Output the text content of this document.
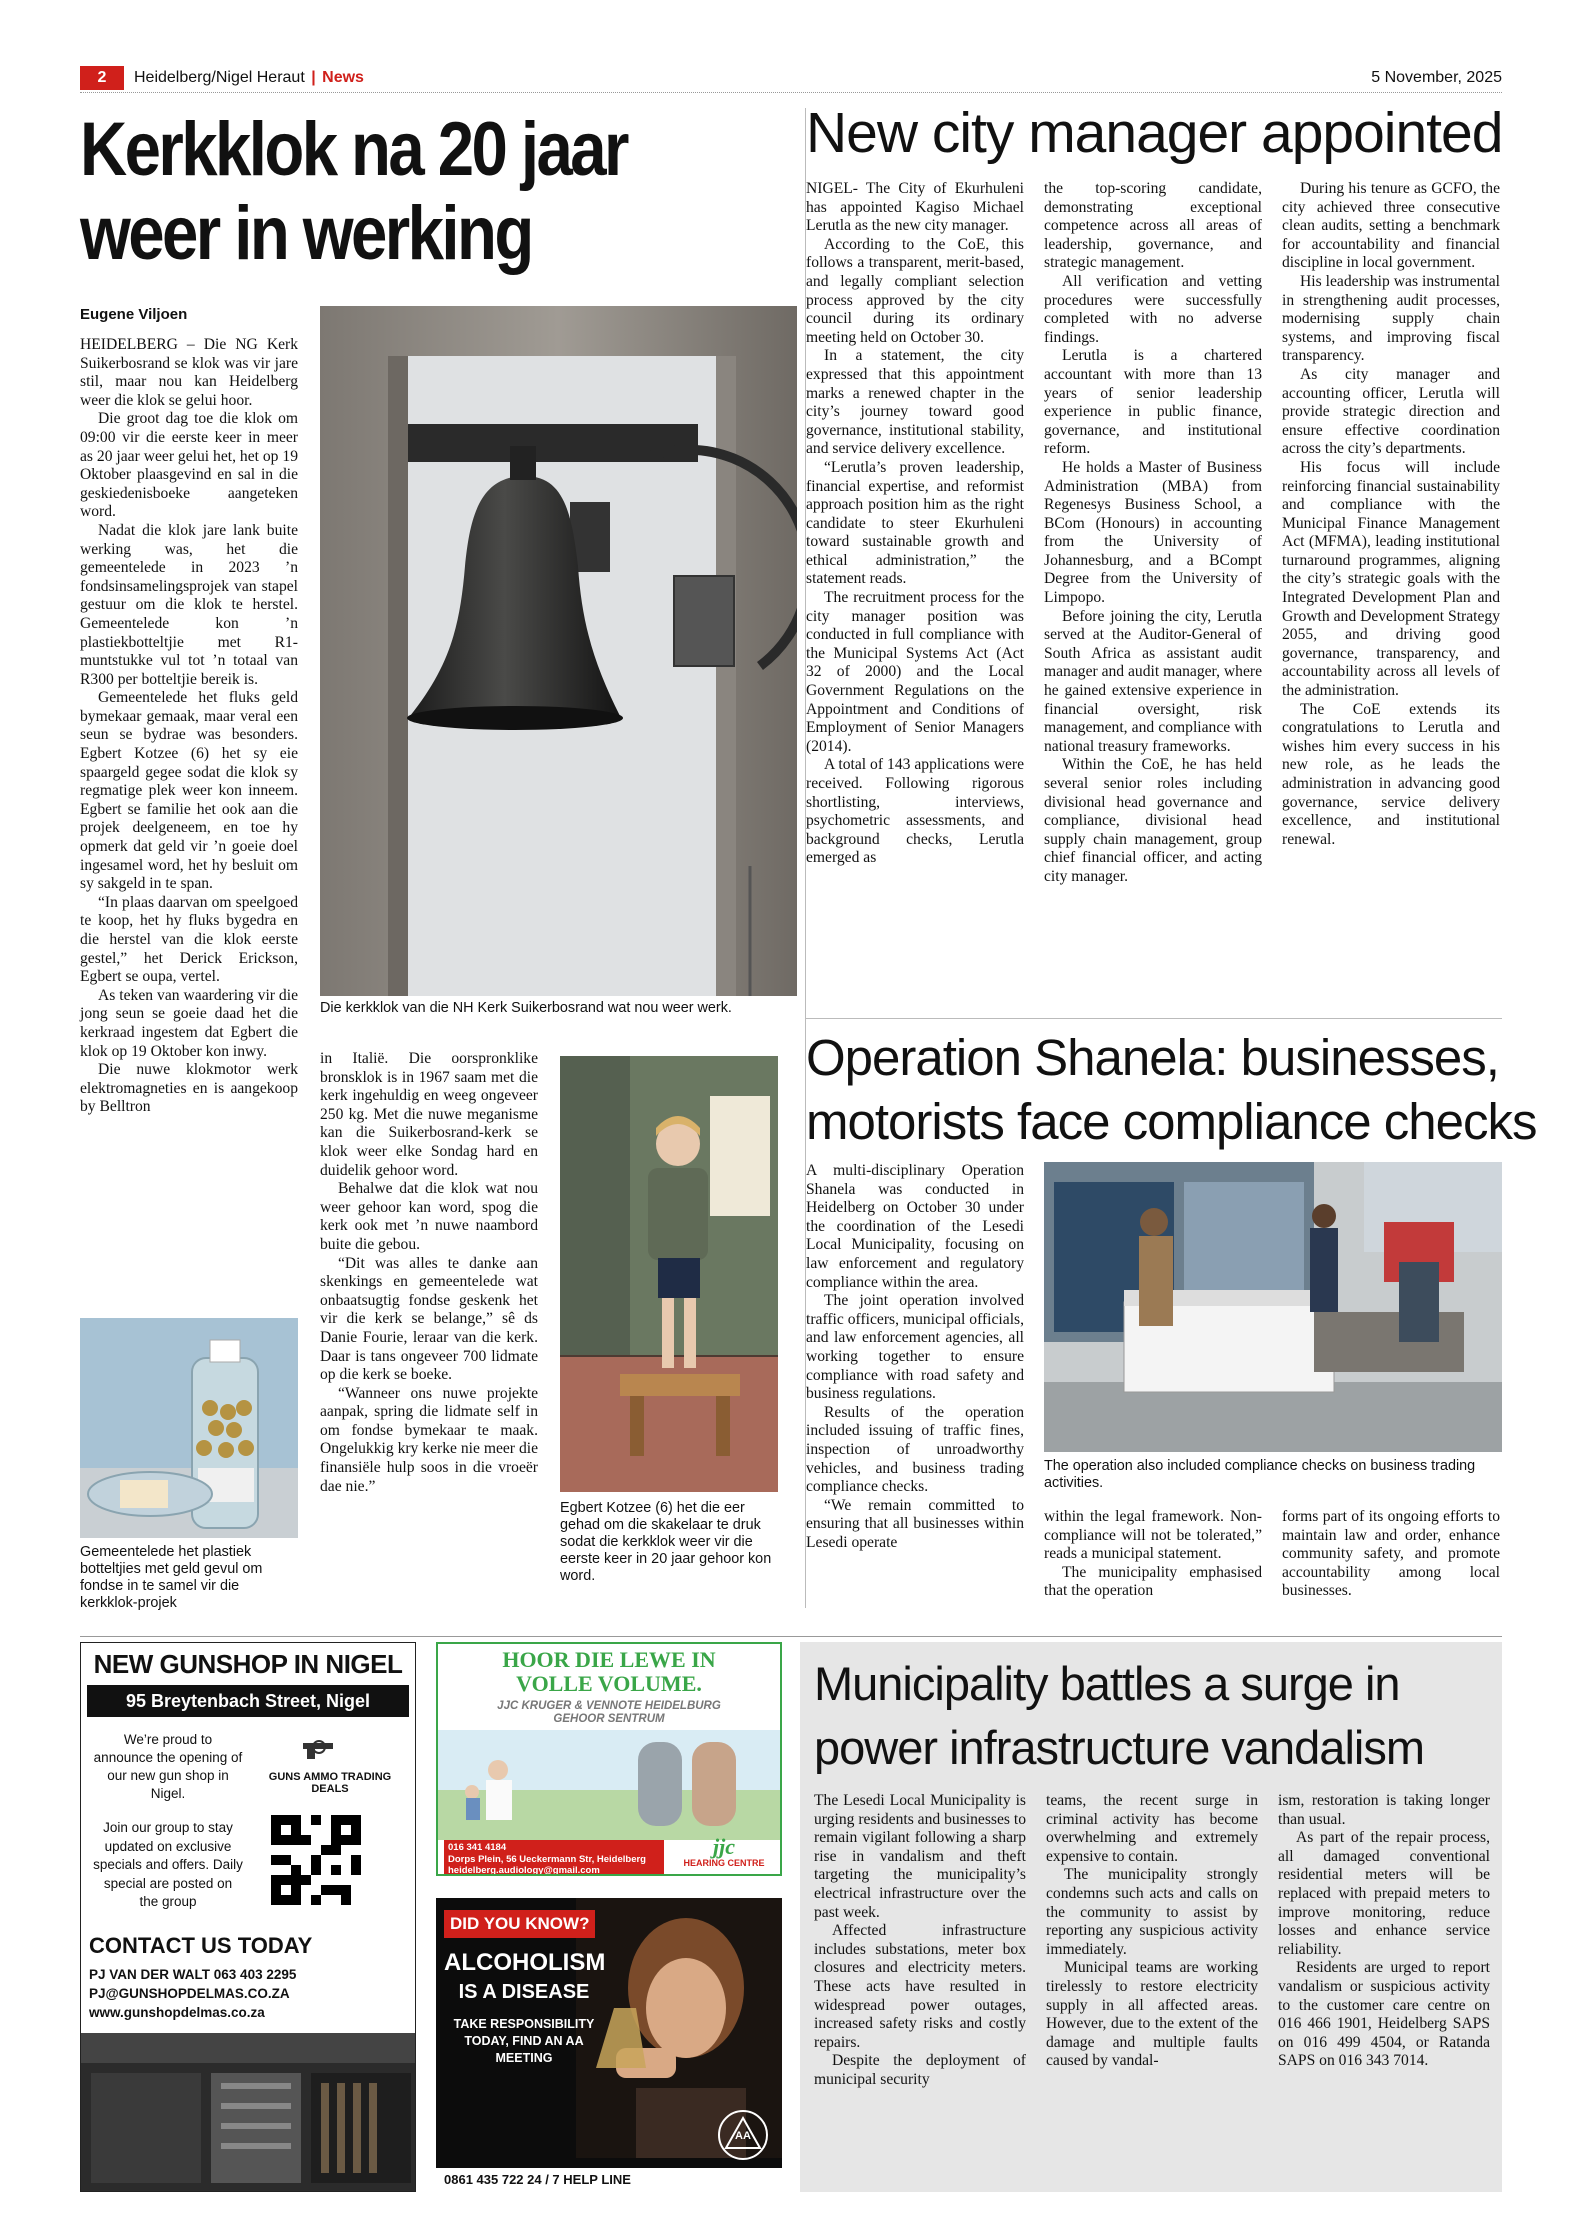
2	Heidelberg/Nigel Heraut | News	5 November, 2025
Kerkklok na 20 jaar
weer in werking
Eugene Viljoen

HEIDELBERG – Die NG Kerk Suikerbosrand se klok was vir jare stil, maar nou kan Heidelberg weer die klok se gelui hoor.

Die groot dag toe die klok om 09:00 vir die eerste keer in meer as 20 jaar weer gelui het, het op 19 Oktober plaasgevind en sal in die geskiedenisboeke aangeteken word.

Nadat die klok jare lank buite werking was, het die gemeentelede in 2023 ’n fondsinsamelingsprojek van stapel gestuur om die klok te herstel. Gemeentelede kon ’n plastiekbotteltjie met R1-muntstukke vul tot ’n totaal van R300 per botteltjie bereik is.

Gemeentelede het fluks geld bymekaar gemaak, maar veral een seun se bydrae was besonders. Egbert Kotzee (6) het sy eie spaargeld gegee sodat die klok sy regmatige plek weer kon inneem. Egbert se familie het ook aan die projek deelgeneem, en toe hy opmerk dat geld vir ’n goeie doel ingesamel word, het hy besluit om sy sakgeld in te span.

“In plaas daarvan om speelgoed te koop, het hy fluks bygedra en die herstel van die klok eerste gestel,” het Derick Erickson, Egbert se oupa, vertel.

As teken van waardering vir die jong seun se goeie daad het die kerkraad ingestem dat Egbert die klok op 19 Oktober kon inwy.

Die nuwe klokmotor werk elektromagneties en is aangekoop by Belltron

Die kerkklok van die NH Kerk Suikerbosrand wat nou weer werk.

in Italië. Die oorspronklike bronsklok is in 1967 saam met die kerk ingehuldig en weeg ongeveer 250 kg. Met die nuwe meganisme kan die Suikerbosrand-kerk se klok weer elke Sondag hard en duidelik gehoor word.

Behalwe dat die klok wat nou weer gehoor kan word, spog die kerk ook met ’n nuwe naambord buite die gebou.

“Dit was alles te danke aan skenkings en gemeentelede wat onbaatsugtig fondse geskenk het vir die kerk se belange,” sê ds Danie Fourie, leraar van die kerk. Daar is tans ongeveer 700 lidmate op die kerk se boeke.

“Wanneer ons nuwe projekte aanpak, spring die lidmate self in om fondse bymekaar te maak. Ongelukkig kry kerke nie meer die finansiële hulp soos in die vroeër dae nie.”

Egbert Kotzee (6) het die eer gehad om die skakelaar te druk sodat die kerkklok weer vir die eerste keer in 20 jaar gehoor kon word.
Gemeentelede het plastiek botteltjies met geld gevul om fondse in te samel vir die kerkklok-projek
New city manager appointed

NIGEL- The City of Ekurhuleni has appointed Kagiso Michael Lerutla as the new city manager.

According to the CoE, this follows a transparent, merit-based, and legally compliant selection process approved by the city council during its ordinary meeting held on October 30.

In a statement, the city expressed that this appointment marks a renewed chapter in the city’s journey toward good governance, institutional stability, and service delivery excellence.

“Lerutla’s proven leadership, financial expertise, and reformist approach position him as the right candidate to steer Ekurhuleni toward sustainable growth and ethical administration,” the statement reads.

The recruitment process for the city manager position was conducted in full compliance with the Municipal Systems Act (Act 32 of 2000) and the Local Government Regulations on the Appointment and Conditions of Employment of Senior Managers (2014).

A total of 143 applications were received. Following rigorous shortlisting, interviews, psychometric assessments, and background checks, Lerutla emerged as

the top-scoring candidate, demonstrating exceptional competence across all areas of leadership, governance, and strategic management.

All verification and vetting procedures were successfully completed with no adverse findings.

Lerutla is a chartered accountant with more than 13 years of senior leadership experience in public finance, governance, and institutional reform.

He holds a Master of Business Administration (MBA) from Regenesys Business School, a BCom (Honours) in accounting from the University of Johannesburg, and a BCompt Degree from the University of Limpopo.

Before joining the city, Lerutla served at the Auditor-General of South Africa as assistant audit manager and audit manager, where he gained extensive experience in financial oversight, risk management, and compliance with national treasury frameworks.

Within the CoE, he has held several senior roles including divisional head governance and compliance, divisional head supply chain management, group chief financial officer, and acting city manager.

During his tenure as GCFO, the city achieved three consecutive clean audits, setting a benchmark for accountability and financial discipline in local government.

His leadership was instrumental in strengthening audit processes, modernising supply chain systems, and improving fiscal transparency.

As city manager and accounting officer, Lerutla will provide strategic direction and ensure effective coordination across the city’s departments.

His focus will include reinforcing financial sustainability and compliance with the Municipal Finance Management Act (MFMA), leading institutional turnaround programmes, aligning the city’s strategic goals with the Integrated Development Plan and Growth and Development Strategy 2055, and driving good governance, transparency, and accountability across all levels of the administration.

The CoE extends its congratulations to Lerutla and wishes him every success in his new role, as he leads the administration in advancing good governance, service delivery excellence, and institutional renewal.

Operation Shanela: businesses,
motorists face compliance checks

A multi-disciplinary Operation Shanela was conducted in Heidelberg on October 30 under the coordination of the Lesedi Local Municipality, focusing on law enforcement and regulatory compliance within the area.

The joint operation involved traffic officers, municipal officials, and law enforcement agencies, all working together to ensure compliance with road safety and business regulations.

Results of the operation included issuing of traffic fines, inspection of unroadworthy vehicles, and business trading compliance checks.

“We remain committed to ensuring that all businesses within Lesedi operate

The operation also included compliance checks on business trading activities.

within the legal framework. Non-compliance will not be tolerated,” reads a municipal statement.

The municipality emphasised that the operation

forms part of its ongoing efforts to maintain law and order, enhance community safety, and promote accountability among local businesses.

NEW GUNSHOP IN NIGEL
95 Breytenbach Street, Nigel
We’re proud to announce the opening of our new gun shop in Nigel.
GUNS AMMO TRADING DEALS
Join our group to stay updated on exclusive specials and offers. Daily special are posted on the group
CONTACT US TODAY
PJ VAN DER WALT 063 403 2295
PJ@GUNSHOPDELMAS.CO.ZA
www.gunshopdelmas.co.za
HOOR DIE LEWE IN
VOLLE VOLUME.
JJC KRUGER & VENNOTE HEIDELBURG
GEHOOR SENTRUM
016 341 4184
Dorps Plein, 56 Ueckermann Str, Heidelberg
heidelberg.audiology@gmail.com
jjc
HEARING CENTRE
DID YOU KNOW?
ALCOHOLISM
IS A DISEASE
TAKE RESPONSIBILITY
TODAY, FIND AN AA
MEETING
AA
0861 435 722 24 / 7 HELP LINE
Municipality battles a surge in
power infrastructure vandalism

The Lesedi Local Municipality is urging residents and businesses to remain vigilant following a sharp rise in vandalism and theft targeting the municipality’s electrical infrastructure over the past week.

Affected infrastructure includes substations, meter box closures and electricity meters. These acts have resulted in widespread power outages, increased safety risks and costly repairs.

Despite the deployment of municipal security

teams, the recent surge in criminal activity has become overwhelming and extremely expensive to contain.

The municipality strongly condemns such acts and calls on the community to assist by reporting any suspicious activity immediately.

Municipal teams are working tirelessly to restore electricity supply in all affected areas. However, due to the extent of the damage and multiple faults caused by vandal-

ism, restoration is taking longer than usual.

As part of the repair process, all damaged conventional residential meters will be replaced with prepaid meters to improve monitoring, reduce losses and enhance service reliability.

Residents are urged to report vandalism or suspicious activity to the customer care centre on 016 466 1901, Heidelberg SAPS on 016 499 4504, or Ratanda SAPS on 016 343 7014.
